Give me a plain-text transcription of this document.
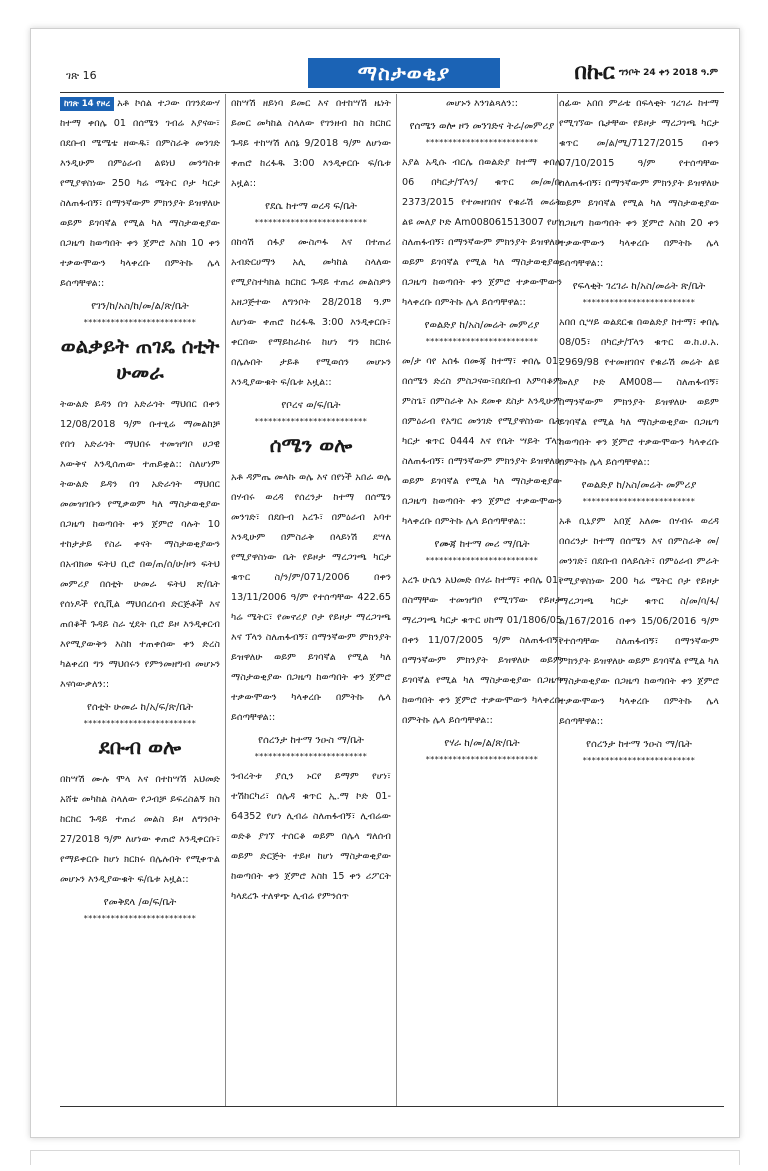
ገጽ 16	ማስታወቂያ	በኩር ግንቦት 24 ቀን 2018 ዓ.ም

ከገጽ 14 የዞረ አቶ ኮሰል ተጋው በገንደውሃ ከተማ ቀበሌ 01 በሰሜን ገብሬ እያናው፣ በደቡብ ሜሜቴ ዘውዱ፣ በምስራቅ መንገድ እንዲሁም በምዕራብ ልዩነህ መንግስቱ የሚያዋስነው 250 ካሬ ሜትር ቦታ ካርታ ስለጠፋብኝ፣ በማንኛውም ምክንያት ይዝዋለሁ ወይም ይገባኛል የሚል ካለ ማስታወቂያው በጋዜጣ ከወጣበት ቀን ጀምሮ እስከ 10 ቀን ተቃውሞውን ካላቀረቡ በምትኩ ሌላ ይሰጣቸዋል::

የገን/ከ/አስ/ከ/መ/ል/ጽ/ቤት
*************************
ወልቃይት ጠገዴ ሰቲት ሁመራ

ትውልድ ይዳን በጎ አድራጎት ማህበር በቀን 12/08/2018 ዓ/ም ቡተፂሬ ማመልከቻ የበጎ አድራጎት ማህበሩ ተመዝግቦ ሀጋዊ እውቅና እንዲሰጠው ተጠይቋል:: ስለሆነም ትውልድ ይዳን በጎ አድራጎት ማህበር መመዝገቡን የሚቃወም ካለ ማስታወቂያው በጋዜጣ ከወጣበት ቀን ጀምሮ ባሉት 10 ተከታታይ የስራ ቀናት ማስታወቂያውን በአብክመ ፍትህ ቢሮ በወ/ጠ/ሰ/ሁ/ዞን ፍትህ መምሪያ በሰቲት ሁመራ ፍትህ ጽ/ቤት የሰነዶች የሲቪል ማህበረሰብ ድርጅቶች እና ጠበቆች ጉዳይ ስራ ሂደት ቢሮ ይዞ እንዲቀርብ እየሚያውቅን እስከ ተጠቀሰው ቀን ድረስ ካልቀረበ ግን ማህበሩን የምንመዘግብ መሆኑን እናሳውቃለን::

የሰቲት ሁመራ ከ/አ/ፍ/ጽ/ቤት
*************************
ደቡብ ወሎ

በከሣሽ ሙሉ ሞላ እና በተከሣሽ አህመድ አሸቴ መካከል ስላለው የጋብቻ ይፍረስልኝ ክስ ከርከር ጉዳይ ተጠሪ መልስ ይዞ ለግንቦት 27/2018 ዓ/ም ለሆነው ቀጠሮ እንዲቀርቡ፣ የማይቀርቡ ከሆነ ክርክሩ በሌሉበት የሚቀጥል መሆኑን እንዲያውቁት ፍ/ቤቱ አዟል::

የመቅደላ /ወ/ፍ/ቤት
*************************

በከሣሽ ዘይነባ ይመር እና በተከሣሽ ዜነት ይመር መካከል ስላለው የገንዘብ ክስ ክርክር ጉዳይ ተከሣሽ ለሰኔ 9/2018 ዓ/ም ለሆነው ቀጠሮ ከረፋዱ 3:00 እንዲቀርቡ ፍ/ቤቱ አዟል::

የደሴ ከተማ ወረዳ ፍ/ቤት
*************************

በከሳሽ ሰፋያ ሙስጦፋ እና በተጠሪ አብድርሀማን አሊ መካከል ስላለው የሚያስተካክል ክርክር ጉዳይ ተጠሪ መልስዎን አዘጋጅተው ለግንቦት 28/2018 ዓ.ም ለሆነው ቀጠሮ ከረፋዱ 3:00 እንዲቀርቡ፣ ቀርበው የማይከራከሩ ከሆነ ግን ክርክሩ በሌሉበት ታይቶ የሚወሰን መሆኑን እንዲያውቁት ፍ/ቤቱ አዟል::

የቦረና ወ/ፍ/ቤት
*************************
ሰሜን ወሎ

አቶ ዳምጤ መላኩ ወሌ እና በየነች አበራ ወሌ በሃብሩ ወረዳ የሰረንታ ከተማ በሰሜን መንገድ፣ በደቡብ አረጉ፣ በምዕራብ አባተ እንዲሁም በምስራቅ በላይነሽ ደሣለ የሚያዋስነው ቤት የይዞታ ማረጋገጫ ካርታ ቁጥር ስ/ን/ም/071/2006 በቀን 13/11/2006 ዓ/ም የተሰጣቸው 422.65 ካሬ ሜትር፣ የመኖሪያ ቦታ የይዞታ ማረጋገጫ እና ፕላን ስለጠፋብኝ፣ በማንኛውም ምክንያት ይዝዋለሁ ወይም ይገባኛል የሚል ካለ ማስታወቂያው በጋዜጣ ከወጣበት ቀን ጀምሮ ተቃውሞውን ካላቀረቡ በምትኩ ሌላ ይሰጣቸዋል::

የሰረንታ ከተማ ንዑስ ማ/ቤት
*************************

ንብረትቱ ያሲን ኑርየ ይማም የሆነ፣ ተሽከርካሪ፣ ሰሌዳ ቁጥር ኢ.ማ ኮድ 01-64352 የሆነ ሊብሬ ስለጠፋብኝ፣ ሊብሬው ወድቆ ያገኘ ተሰርቆ ወይም በሌላ ግለሰብ ወይም ድርጅት ተይዞ ከሆነ ማስታወቂያው ከወጣበት ቀን ጀምሮ እስከ 15 ቀን ሪፖርት ካላደረጉ ተለዋጭ ሊብሬ የምንሰጥ

መሆኑን እንገልጻለን::

የሰሜን ወሎ ዞን መንገድና ትራ/መምሪያ
*************************

አያል አዲሱ ብርሌ በወልድያ ከተማ ቀበሌ 06 በካርታ/ፕላን/ ቁጥር መ/መ/ቡ 2373/2015 የተመዘገበና የቁራሽ መሬት ልዩ መለያ ኮድ Am008061513007 የሆነ ስለጠፋብኝ፣ በማንኛውም ምክንያት ይዝዋለሁ ወይም ይገባኛል የሚል ካለ ማስታወቂያው በጋዜጣ ከወጣበት ቀን ጀምሮ ተቃውሞውን ካላቀረቡ በምትኩ ሌላ ይሰጣቸዋል::

የወልድያ ከ/አስ/መሬት መምሪያ
*************************

መ/ታ ባየ አሰፋ በሙጃ ከተማ፣ ቀበሌ 01፣ በሰሜን ድረስ ምስጋናው፣በደቡብ እምባቆም ምስጌ፣ በምስራቅ እኑ ደመቀ ደስታ እንዲሁም በምዕራብ የአግር መንገድ የሚያዋስነው ቤት ካርታ ቁጥር 0444 እና የቤት ሣይት ፕላን ስለጠፋብኝ፣ በማንኛውም ምክንያት ይዝዋለሁ ወይም ይገባኛል የሚል ካለ ማስታወቂያው በጋዜጣ ከወጣበት ቀን ጀምሮ ተቃውሞውን ካላቀረቡ በምትኩ ሌላ ይሰጣቸዋል::

የሙጃ ከተማ መሪ ማ/ቤት
*************************

አረጉ ሁሴን አህመድ በሃራ ከተማ፣ ቀበሌ 01፣ በስማቸው ተመዝግቦ የሚገኘው የይዞታ ማረጋገጫ ካርታ ቁጥር ሀከማ 01/1806/05 በቀን 11/07/2005 ዓ/ም ስለጠፋብኝ፣ በማንኛውም ምክንያት ይዝዋለሁ ወይም ይገባኛል የሚል ካለ ማስታወቂያው በጋዜጣ ከወጣበት ቀን ጀምሮ ተቃውሞውን ካላቀረቡ በምትኩ ሌላ ይሰጣቸዋል::

የሃራ ከ/መ/ል/ጽ/ቤት
*************************

ሰፊው አበበ ምራቴ በፍላቂት ገረገራ ከተማ የሚገኘው ቤታቸው የይዞታ ማረጋገጫ ካርታ ቁጥር መ/ል/ሚ/7127/2015 በቀን 07/10/2015 ዓ/ም የተሰጣቸው ስለጠፋብኝ፣ በማንኛውም ምክንያት ይዝዋለሁ ወይም ይገባኛል የሚል ካለ ማስታወቂያው በጋዜጣ ከወጣበት ቀን ጀምሮ እስከ 20 ቀን ተቃውሞውን ካላቀረቡ በምትኩ ሌላ ይሰጣቸዋል::

የፍላቂት ገረገራ ከ/አስ/መሬት ጽ/ቤት
*************************

አበበ ሲሣይ ወልደርቁ በወልድያ ከተማ፣ ቀበሌ 08/05፣ በካርታ/ፕላን ቁጥር ወ.ከ.ሀ.አ. 2969/98 የተመዘገበና የቁራሽ መሬት ልዩ መለያ ኮድ AM008— ስለጠፋብኝ፣ በማንኛውም ምክንያት ይዝዋለሁ ወይም ይገባኛል የሚል ካለ ማስታወቂያው በጋዜጣ ከወጣበት ቀን ጀምሮ ተቃውሞውን ካላቀረቡ በምትኩ ሌላ ይሰጣቸዋል::

የወልድያ ከ/አስ/መሬት መምሪያ
*************************

አቶ ቢኒያም አበጀ አለሙ በሃብሩ ወረዳ በሰረንታ ከተማ በሰሜን እና በምስራቅ መ/መንገድ፣ በደቡብ በላይሴት፣ በምዕራብ ምራት የሚያዋስነው 200 ካሬ ሜትር ቦታ የይዞታ ማረጋገጫ ካርታ ቁጥር ስ/መ/ባ/ፋ/ል/167/2016 በቀን 15/06/2016 ዓ/ም የተሰጣቸው ስለጠፋብኝ፣ በማንኛውም ምክንያት ይዝዋለሁ ወይም ይገባኛል የሚል ካለ ማስታወቂያው በጋዜጣ ከወጣበት ቀን ጀምሮ ተቃውሞውን ካላቀረቡ በምትኩ ሌላ ይሰጣቸዋል::

የሰረንታ ከተማ ንዑስ ማ/ቤት
*************************
